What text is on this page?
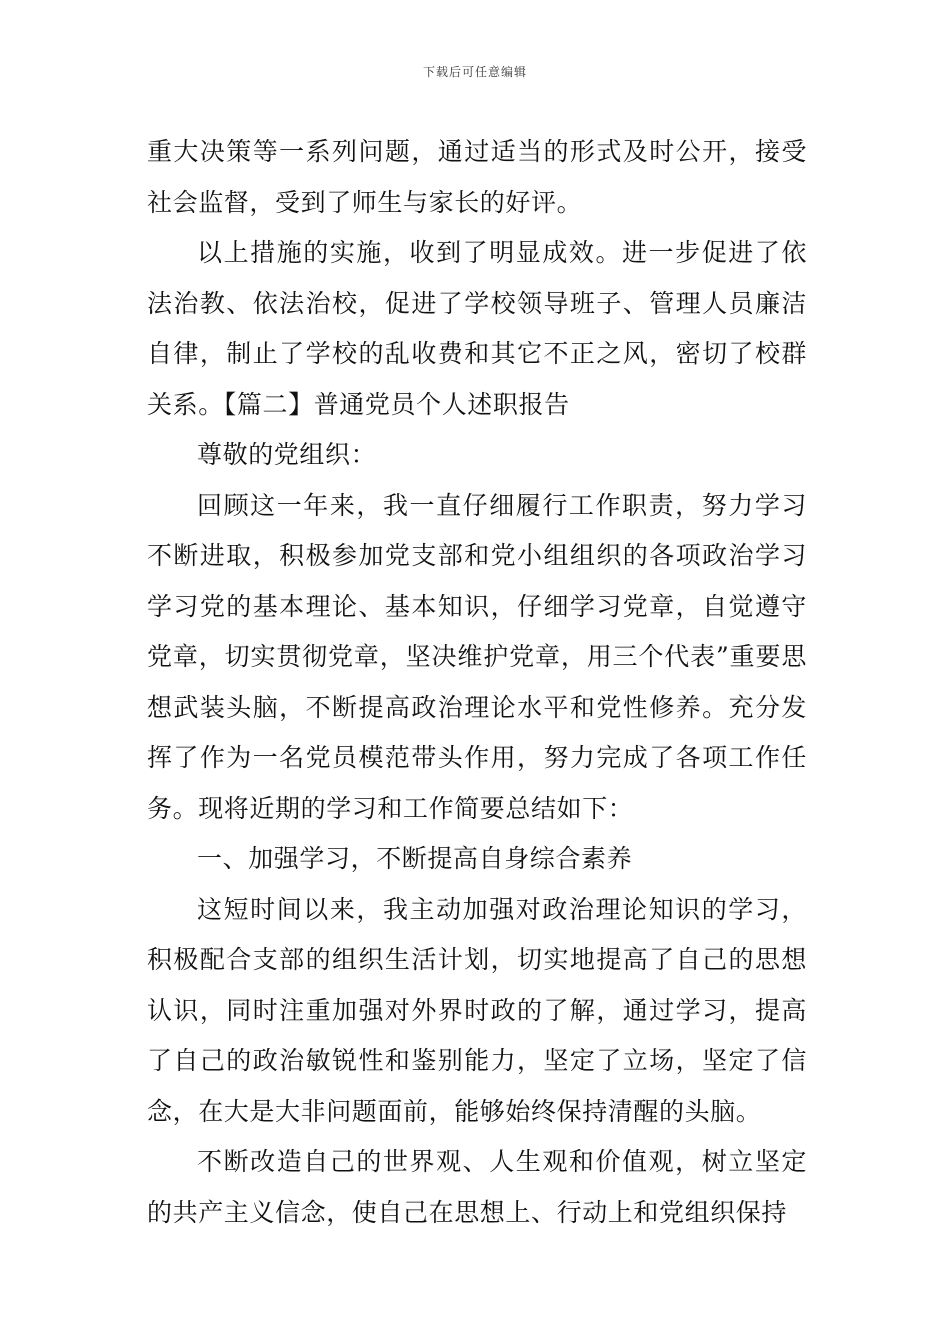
下载后可任意编辑

重大决策等一系列问题，通过适当的形式及时公开，接受社会监督，受到了师生与家长的好评。

以上措施的实施，收到了明显成效。进一步促进了依法治教、依法治校，促进了学校领导班子、管理人员廉洁自律，制止了学校的乱收费和其它不正之风，密切了校群关系。【篇二】普通党员个人述职报告

尊敬的党组织：

回顾这一年来，我一直仔细履行工作职责，努力学习不断进取，积极参加党支部和党小组组织的各项政治学习学习党的基本理论、基本知识，仔细学习党章，自觉遵守党章，切实贯彻党章，坚决维护党章，用三个代表”重要思想武装头脑，不断提高政治理论水平和党性修养。充分发挥了作为一名党员模范带头作用，努力完成了各项工作任务。现将近期的学习和工作简要总结如下：

一、加强学习，不断提高自身综合素养

这短时间以来，我主动加强对政治理论知识的学习，积极配合支部的组织生活计划，切实地提高了自己的思想认识，同时注重加强对外界时政的了解，通过学习，提高了自己的政治敏锐性和鉴别能力，坚定了立场，坚定了信念，在大是大非问题面前，能够始终保持清醒的头脑。

不断改造自己的世界观、人生观和价值观，树立坚定的共产主义信念，使自己在思想上、行动上和党组织保持
